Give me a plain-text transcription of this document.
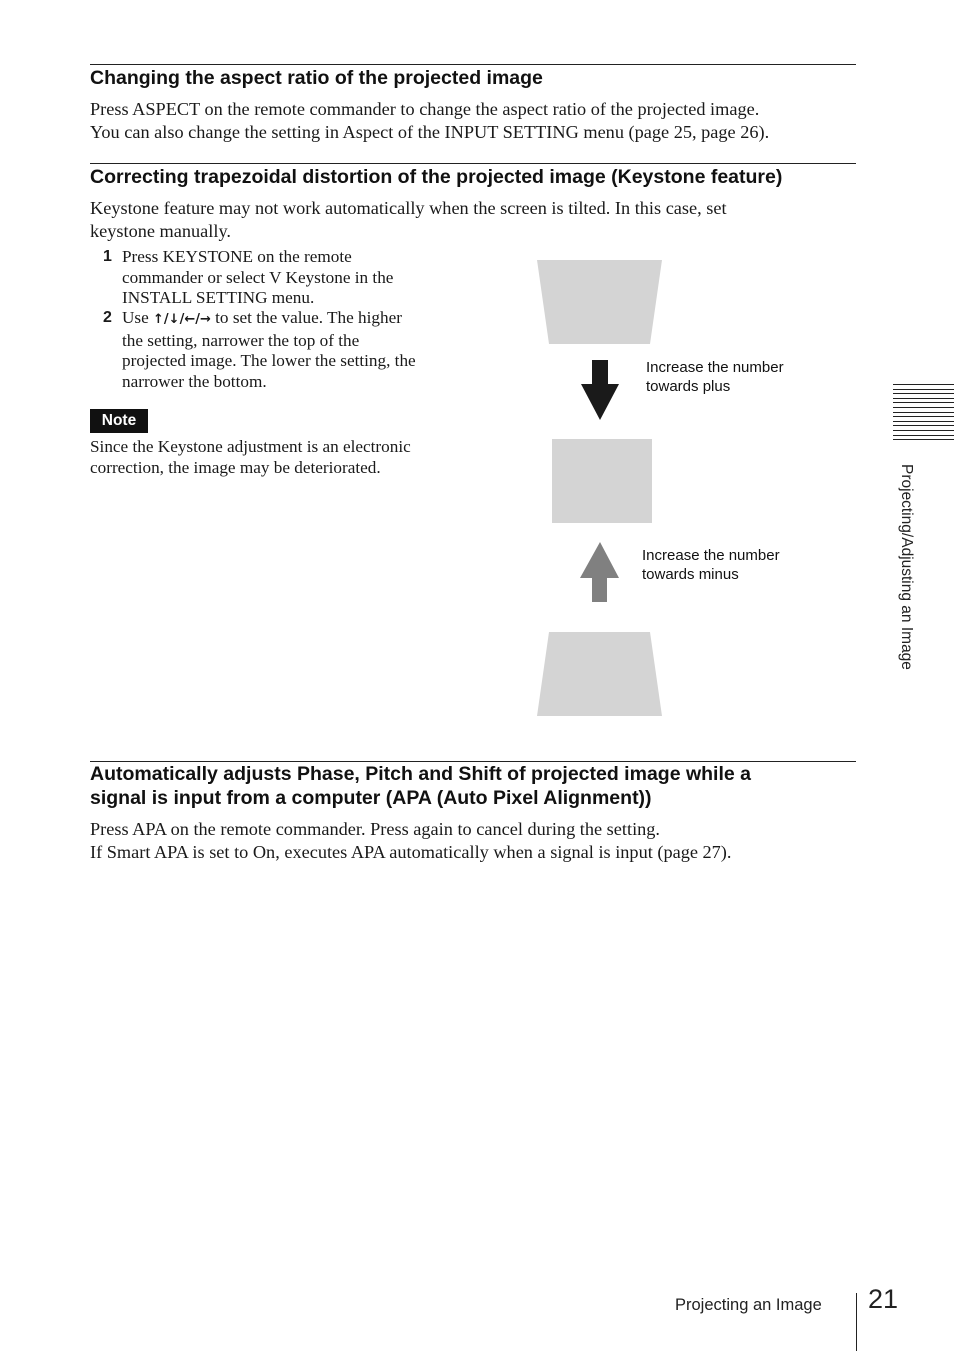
Changing the aspect ratio of the projected image
Press ASPECT on the remote commander to change the aspect ratio of the projected image.
You can also change the setting in Aspect of the INPUT SETTING menu (page 25, page 26).
Correcting trapezoidal distortion of the projected image (Keystone feature)
Keystone feature may not work automatically when the screen is tilted. In this case, set
keystone manually.
1 Press KEYSTONE on the remote
commander or select V Keystone in the
INSTALL SETTING menu.
2 Use ↑/↓/←/→ to set the value. The higher
the setting, narrower the top of the
projected image. The lower the setting, the
narrower the bottom.
Note
Since the Keystone adjustment is an electronic
correction, the image may be deteriorated.
Increase the number
towards plus
Increase the number
towards minus
Automatically adjusts Phase, Pitch and Shift of projected image while a
signal is input from a computer (APA (Auto Pixel Alignment))
Press APA on the remote commander. Press again to cancel during the setting.
If Smart APA is set to On, executes APA automatically when a signal is input (page 27).
Projecting/Adjusting an Image
Projecting an Image 21
